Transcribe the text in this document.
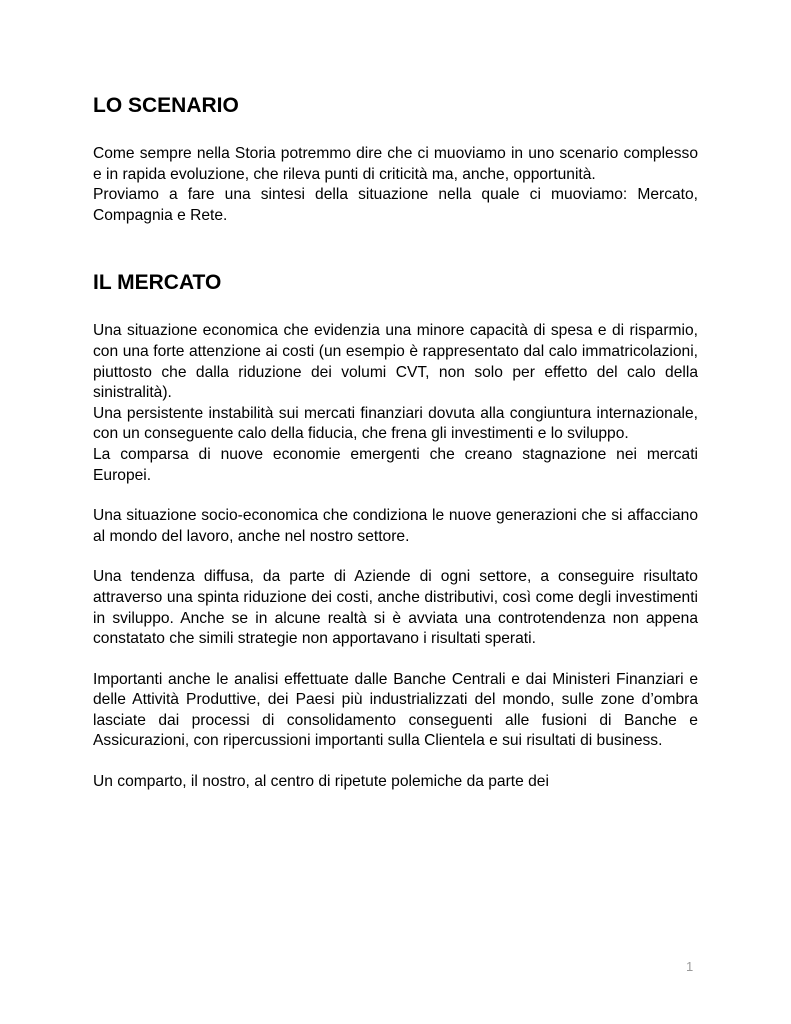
LO SCENARIO

Come sempre nella Storia potremmo dire che ci muoviamo in uno scenario complesso e in rapida evoluzione, che rileva punti di criticità ma, anche, opportunità.

Proviamo a fare una sintesi della situazione nella quale ci muoviamo: Mercato, Compagnia e Rete.

IL MERCATO

Una situazione economica che evidenzia una minore capacità di spesa e di risparmio, con una forte attenzione ai costi (un esempio è rappresentato dal calo immatricolazioni, piuttosto che dalla riduzione dei volumi CVT, non solo per effetto del calo della sinistralità).

Una persistente instabilità sui mercati finanziari dovuta alla congiuntura internazionale, con un conseguente calo della fiducia, che frena gli investimenti e lo sviluppo.

La comparsa di nuove economie emergenti che creano stagnazione nei mercati Europei.

Una situazione socio-economica che condiziona le nuove generazioni che si affacciano al mondo del lavoro, anche nel nostro settore.

Una tendenza diffusa, da parte di Aziende di ogni settore, a conseguire risultato attraverso una spinta riduzione dei costi, anche distributivi, così come degli investimenti in sviluppo. Anche se in alcune realtà si è avviata una controtendenza non appena constatato che simili strategie non apportavano i risultati sperati.

Importanti anche le analisi effettuate dalle Banche Centrali e dai Ministeri Finanziari e delle Attività Produttive, dei Paesi più industrializzati del mondo, sulle zone d’ombra lasciate dai processi di consolidamento conseguenti alle fusioni di Banche e Assicurazioni, con ripercussioni importanti sulla Clientela e sui risultati di business.

Un comparto, il nostro, al centro di ripetute polemiche da parte dei

1
